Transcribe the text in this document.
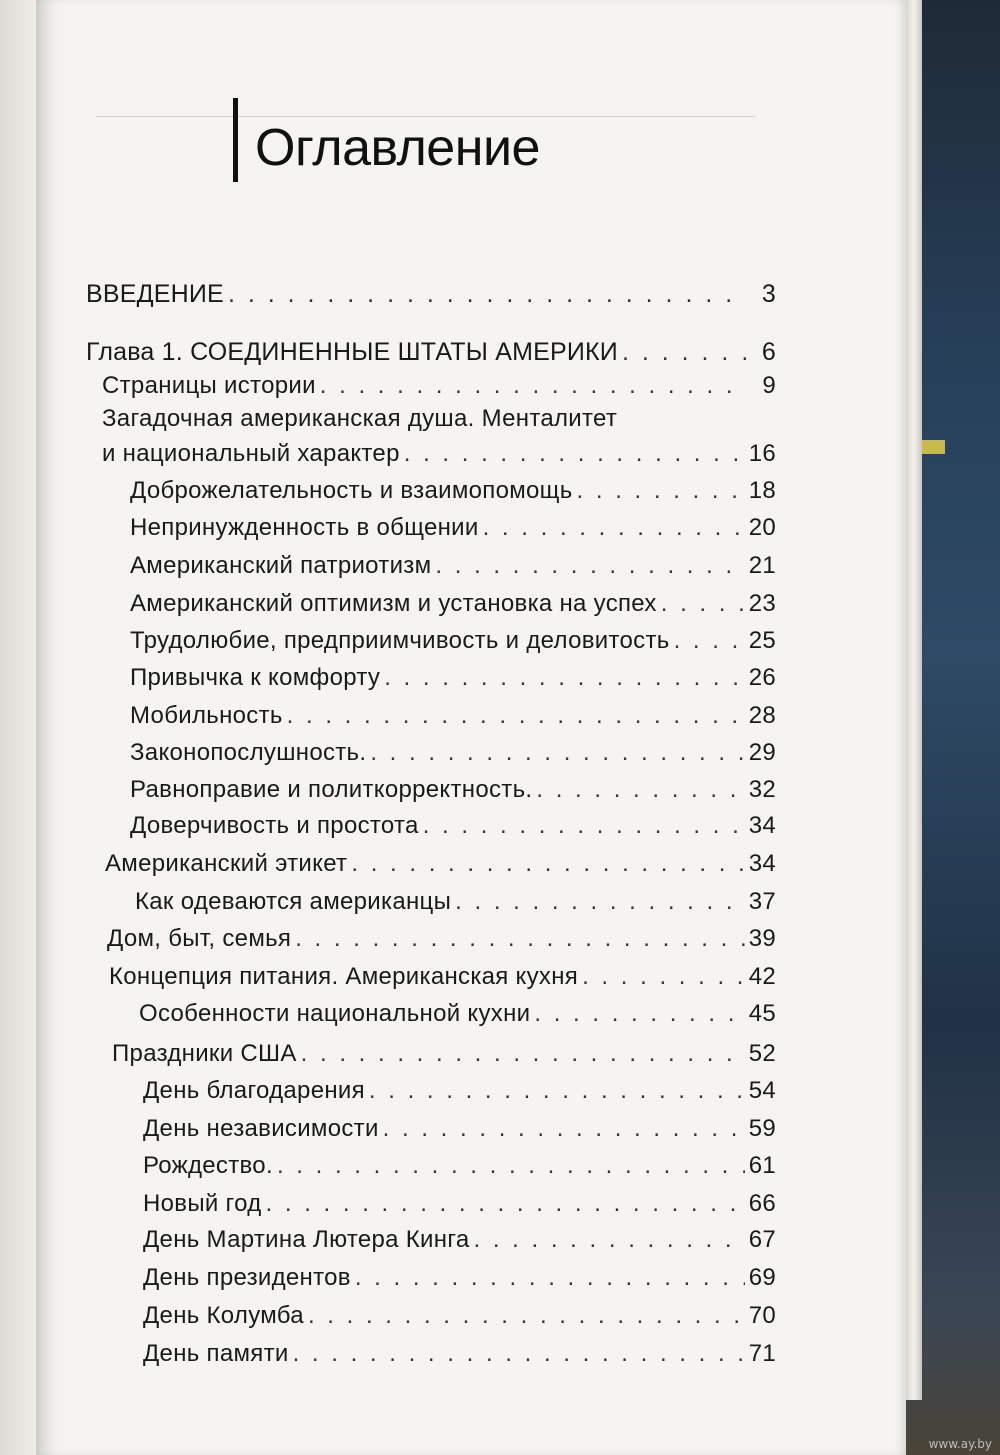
Оглавление
ВВЕДЕНИЕ . . .	3
Глава 1. СОЕДИНЕННЫЕ ШТАТЫ АМЕРИКИ . . .	6
Страницы истории . . .	9
Загадочная американская душа. Менталитет
и национальный характер . . .	16
Доброжелательность и взаимопомощь . . .	18
Непринужденность в общении . . .	20
Американский патриотизм . . .	21
Американский оптимизм и установка на успех . . .	23
Трудолюбие, предприимчивость и деловитость . . .	25
Привычка к комфорту . . .	26
Мобильность . . .	28
Законопослушность. . . .	29
Равноправие и политкорректность. . . .	32
Доверчивость и простота . . .	34
Американский этикет . . .	34
Как одеваются американцы . . .	37
Дом, быт, семья . . .	39
Концепция питания. Американская кухня . . .	42
Особенности национальной кухни . . .	45
Праздники США . . .	52
День благодарения . . .	54
День независимости . . .	59
Рождество. . . .	61
Новый год . . .	66
День Мартина Лютера Кинга . . .	67
День президентов . . .	69
День Колумба . . .	70
День памяти . . .	71
www.ay.by
